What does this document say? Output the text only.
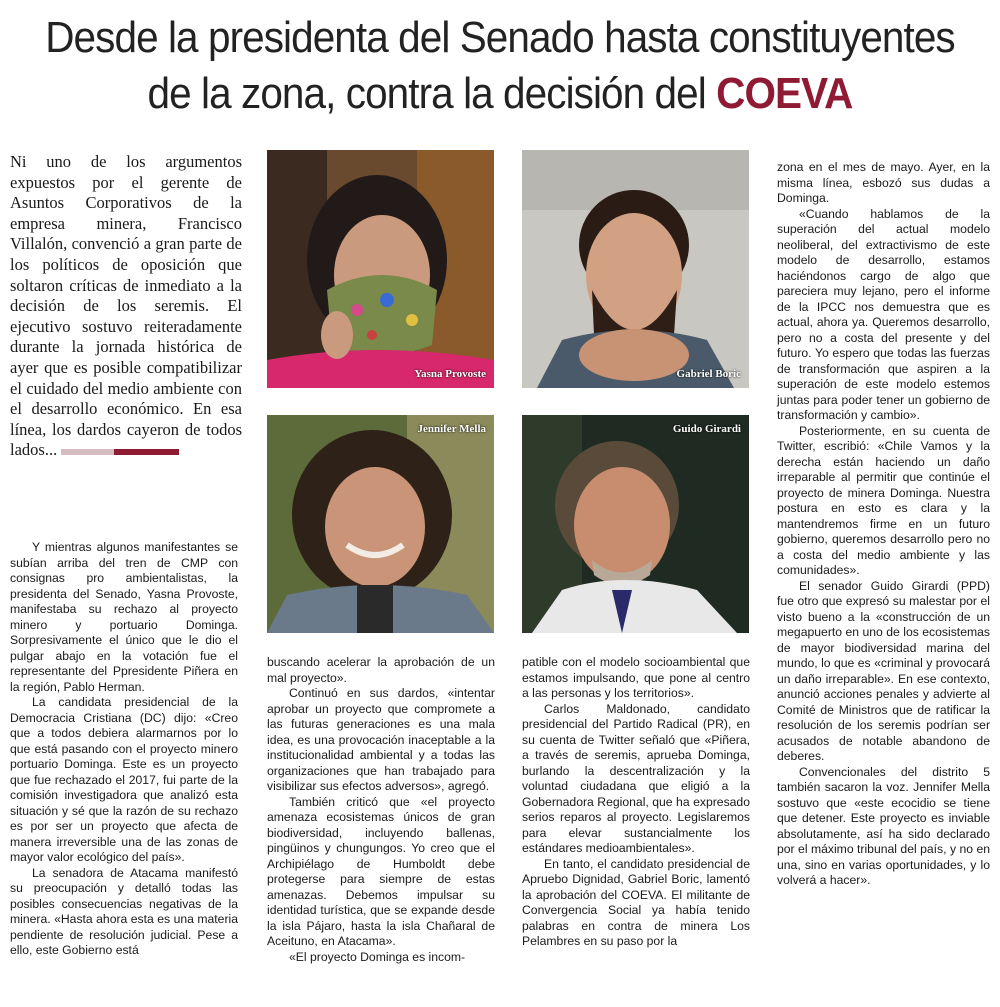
Desde la presidenta del Senado hasta constituyentes
de la zona, contra la decisión del COEVA
Ni uno de los argumentos expuestos por el gerente de Asuntos Corporativos de la empresa minera, Francisco Villalón, convenció a gran parte de los políticos de oposición que soltaron críticas de inmediato a la decisión de los seremis. El ejecutivo sostuvo reiteradamente durante la jornada histórica de ayer que es posible compatibilizar el cuidado del medio ambiente con el desarrollo económico. En esa línea, los dardos cayeron de todos lados...
Yasna Provoste	Gabriel Boric
Jennifer Mella	Guido Girardi

Y mientras algunos manifestantes se subían arriba del tren de CMP con consignas pro ambientalistas, la presidenta del Senado, Yasna Provoste, manifestaba su rechazo al proyecto minero y portuario Dominga. Sorpresivamente el único que le dio el pulgar abajo en la votación fue el representante del Ppresidente Piñera en la región, Pablo Herman.

La candidata presidencial de la Democracia Cristiana (DC) dijo: «Creo que a todos debiera alarmarnos por lo que está pasando con el proyecto minero portuario Dominga. Este es un proyecto que fue rechazado el 2017, fui parte de la comisión investigadora que analizó esta situación y sé que la razón de su rechazo es por ser un proyecto que afecta de manera irreversible una de las zonas de mayor valor ecológico del país».

La senadora de Atacama manifestó su preocupación y detalló todas las posibles consecuencias negativas de la minera. «Hasta ahora esta es una materia pendiente de resolución judicial. Pese a ello, este Gobierno está

buscando acelerar la aprobación de un mal proyecto».

Continuó en sus dardos, «intentar aprobar un proyecto que compromete a las futuras generaciones es una mala idea, es una provocación inaceptable a la institucionalidad ambiental y a todas las organizaciones que han trabajado para visibilizar sus efectos adversos», agregó.

También criticó que «el proyecto amenaza ecosistemas únicos de gran biodiversidad, incluyendo ballenas, pingüinos y chungungos. Yo creo que el Archipiélago de Humboldt debe protegerse para siempre de estas amenazas. Debemos impulsar su identidad turística, que se expande desde la isla Pájaro, hasta la isla Chañaral de Aceituno, en Atacama».

«El proyecto Dominga es incom-

patible con el modelo socioambiental que estamos impulsando, que pone al centro a las personas y los territorios».

Carlos Maldonado, candidato presidencial del Partido Radical (PR), en su cuenta de Twitter señaló que «Piñera, a través de seremis, aprueba Dominga, burlando la descentralización y la voluntad ciudadana que eligió a la Gobernadora Regional, que ha expresado serios reparos al proyecto. Legislaremos para elevar sustancialmente los estándares medioambientales».

En tanto, el candidato presidencial de Apruebo Dignidad, Gabriel Boric, lamentó la aprobación del COEVA. El militante de Convergencia Social ya había tenido palabras en contra de minera Los Pelambres en su paso por la

zona en el mes de mayo. Ayer, en la misma línea, esbozó sus dudas a Dominga.

«Cuando hablamos de la superación del actual modelo neoliberal, del extractivismo de este modelo de desarrollo, estamos haciéndonos cargo de algo que pareciera muy lejano, pero el informe de la IPCC nos demuestra que es actual, ahora ya. Queremos desarrollo, pero no a costa del presente y del futuro. Yo espero que todas las fuerzas de transformación que aspiren a la superación de este modelo estemos juntas para poder tener un gobierno de transformación y cambio».

Posteriormente, en su cuenta de Twitter, escribió: «Chile Vamos y la derecha están haciendo un daño irreparable al permitir que continúe el proyecto de minera Dominga. Nuestra postura en esto es clara y la mantendremos firme en un futuro gobierno, queremos desarrollo pero no a costa del medio ambiente y las comunidades».

El senador Guido Girardi (PPD) fue otro que expresó su malestar por el visto bueno a la «construcción de un megapuerto en uno de los ecosistemas de mayor biodiversidad marina del mundo, lo que es «criminal y provocará un daño irreparable». En ese contexto, anunció acciones penales y advierte al Comité de Ministros que de ratificar la resolución de los seremis podrían ser acusados de notable abandono de deberes.

Convencionales del distrito 5 también sacaron la voz. Jennifer Mella sostuvo que «este ecocidio se tiene que detener. Este proyecto es inviable absolutamente, así ha sido declarado por el máximo tribunal del país, y no en una, sino en varias oportunidades, y lo volverá a hacer».
